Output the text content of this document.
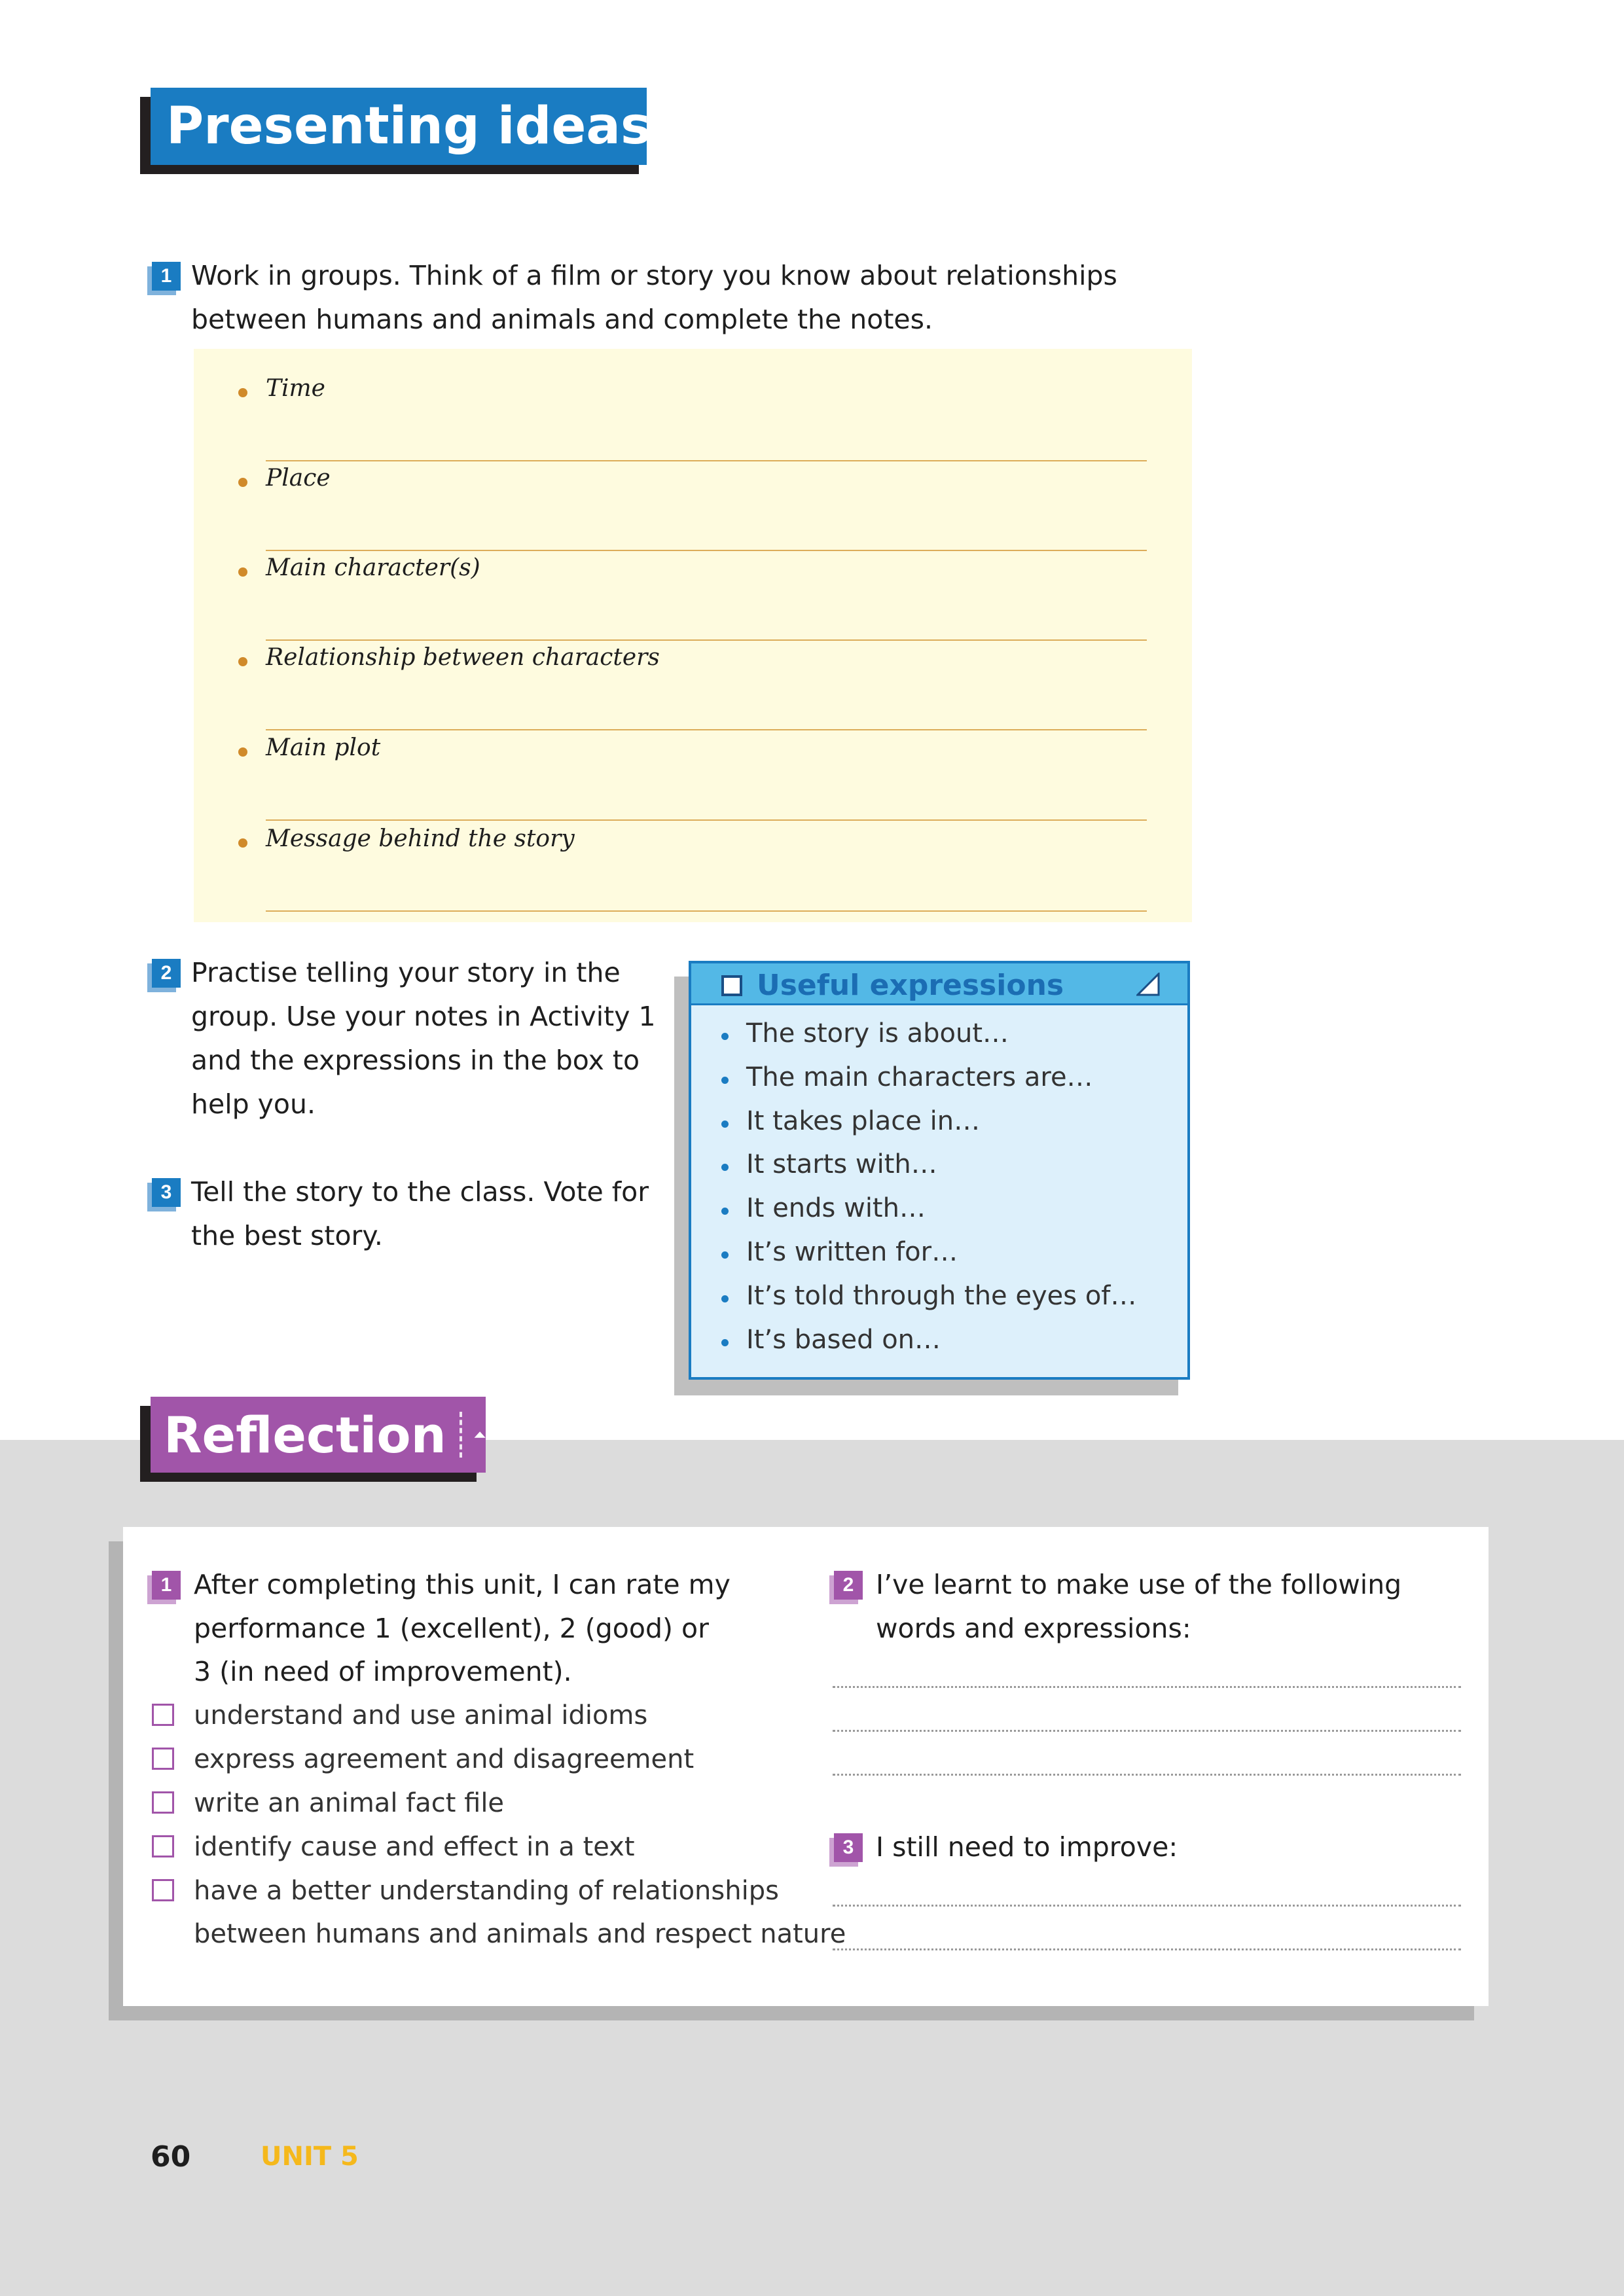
Presenting ideas
1 Work in groups. Think of a film or story you know about relationships
between humans and animals and complete the notes.
Time
Place
Main character(s)
Relationship between characters
Main plot
Message behind the story
2 Practise telling your story in the
group. Use your notes in Activity 1
and the expressions in the box to
help you.
3 Tell the story to the class. Vote for
the best story.
Useful expressions
The story is about…
The main characters are…
It takes place in…
It starts with…
It ends with…
It’s written for…
It’s told through the eyes of…
It’s based on…
Reflection
1 After completing this unit, I can rate my
performance 1 (excellent), 2 (good) or
3 (in need of improvement).
understand and use animal idioms
express agreement and disagreement
write an animal fact file
identify cause and effect in a text
have a better understanding of relationships
between humans and animals and respect nature
2 I’ve learnt to make use of the following
words and expressions:
3 I still need to improve:
60	UNIT 5
